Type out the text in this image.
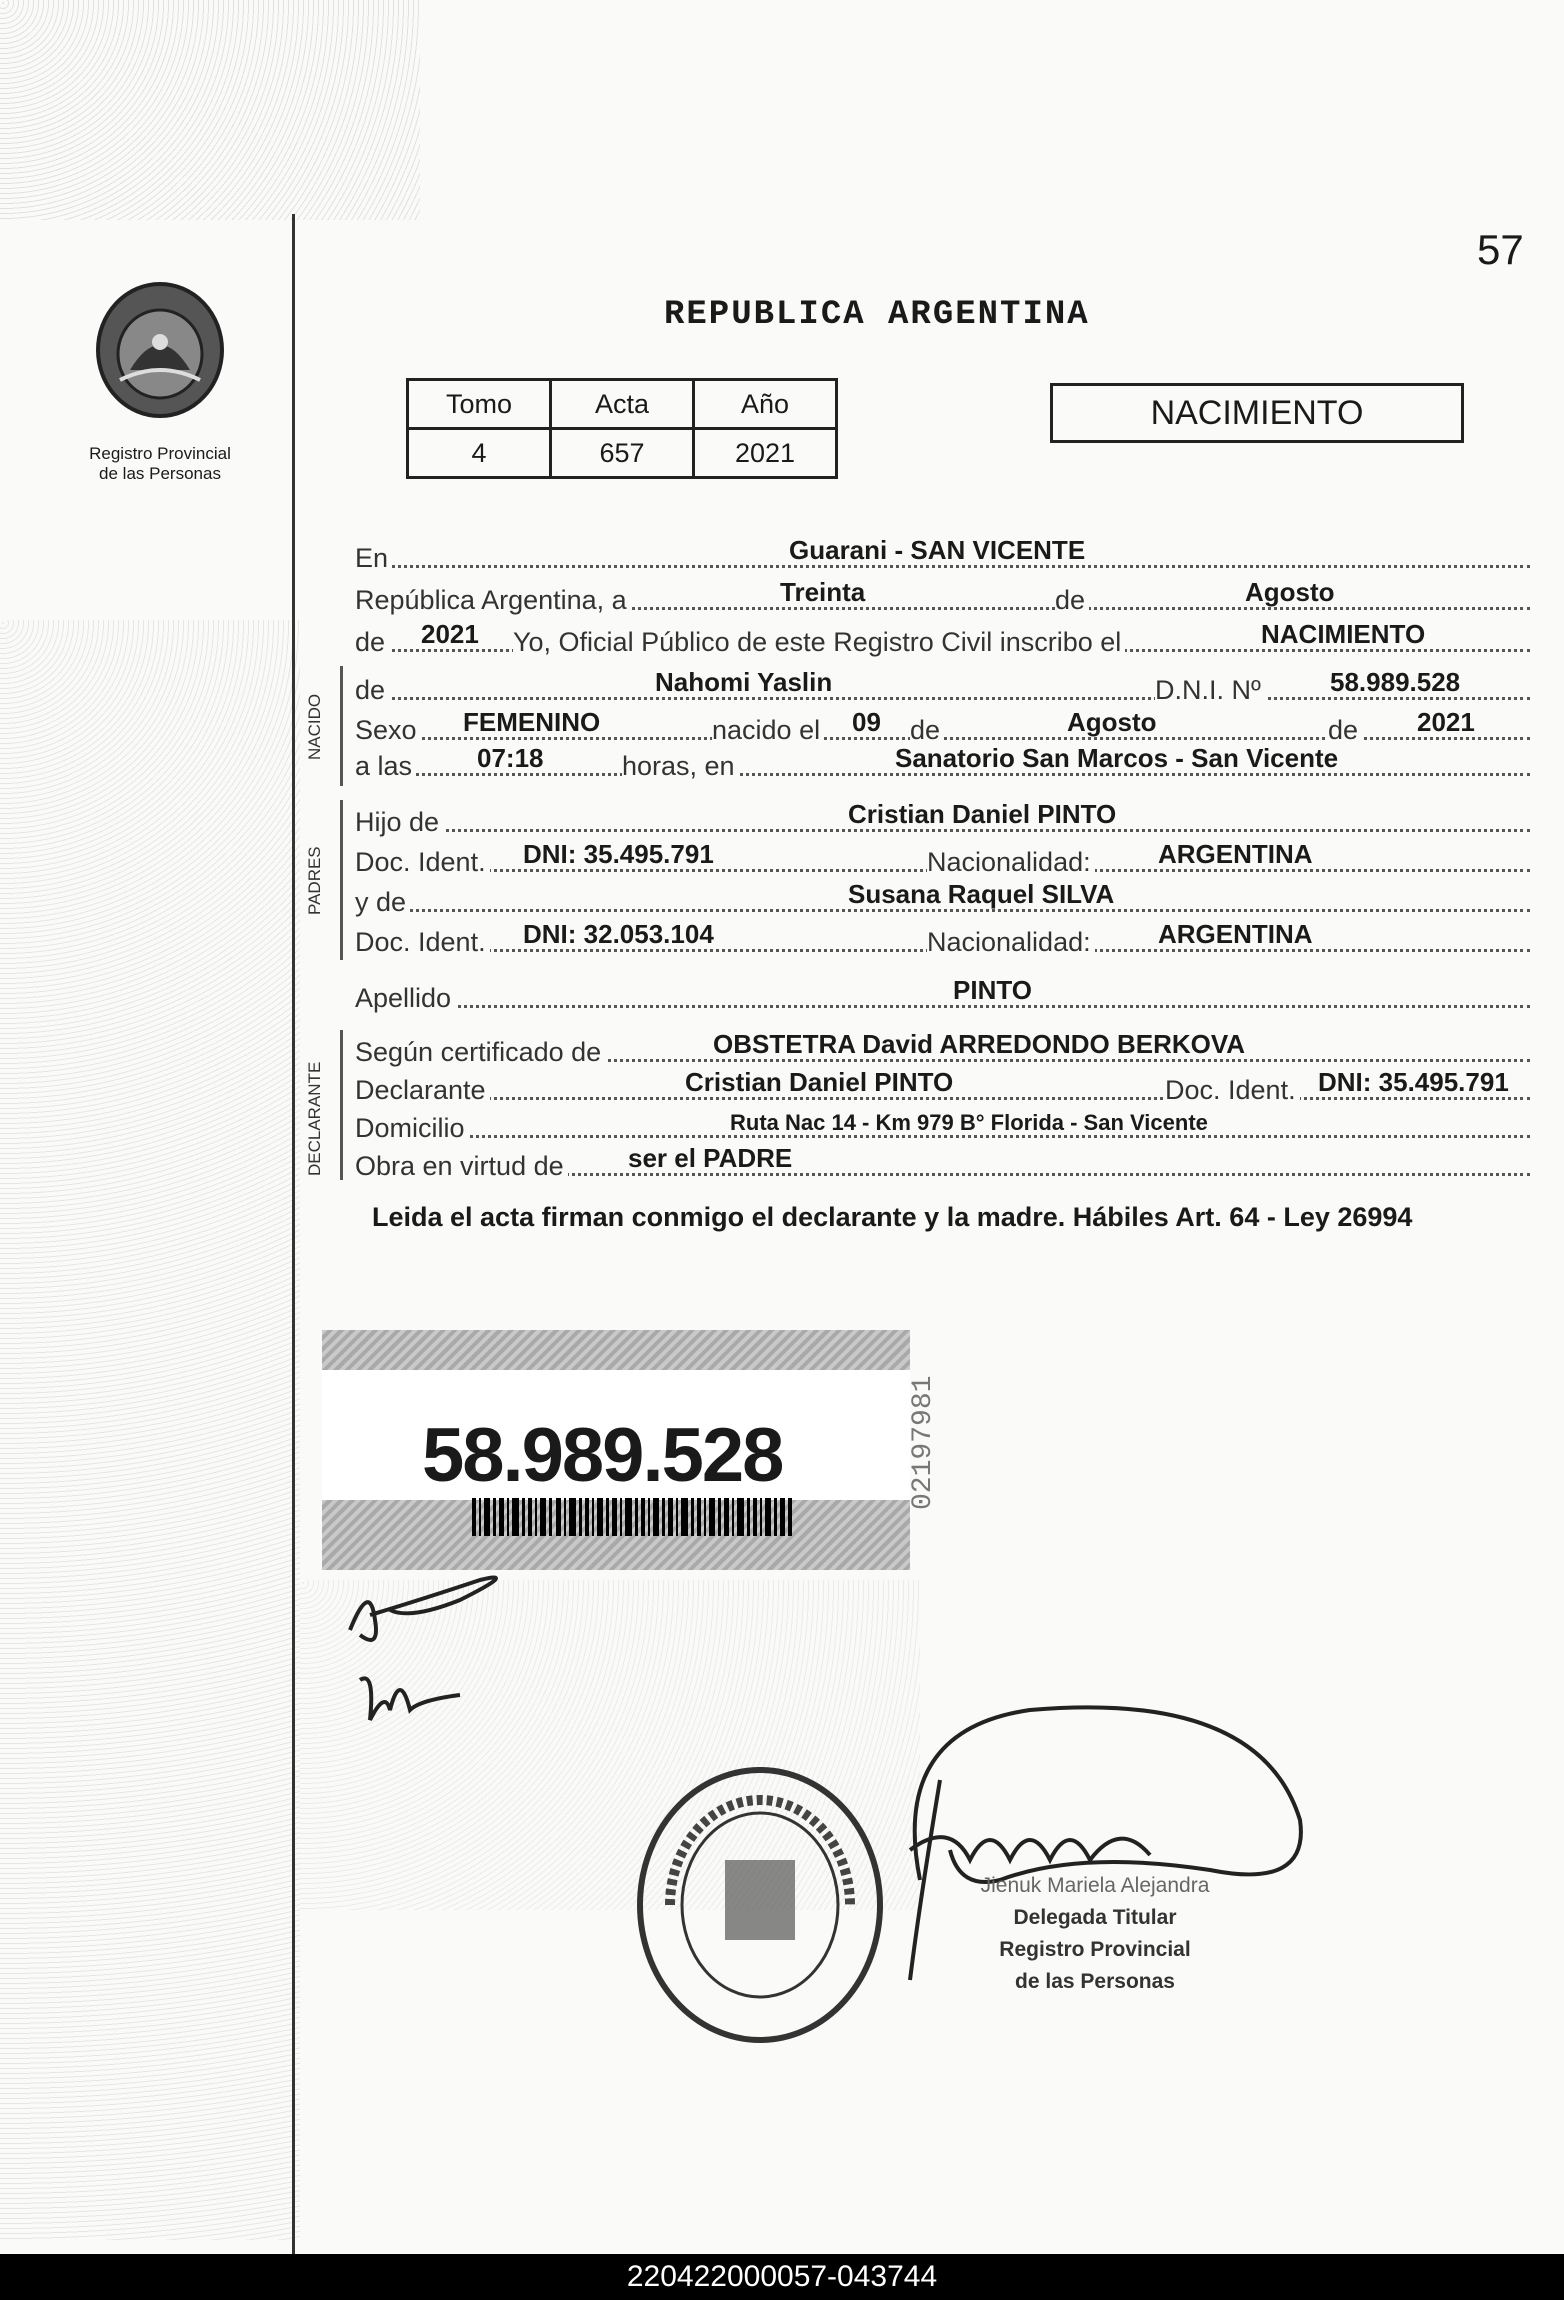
57
Registro Provincial
de las Personas
REPUBLICA ARGENTINA
Tomo	Acta	Año
4	657	2021
NACIMIENTO
En	Guarani - SAN VICENTE
República Argentina, a	Treinta	de	Agosto
de 2021 Yo, Oficial Público de este Registro Civil inscribo el	NACIMIENTO
NACIDO
de	Nahomi Yaslin	D.N.I. Nº	58.989.528
Sexo FEMENINO	nacido el 09 de	Agosto	de 2021
a las 07:18	horas, en	Sanatorio San Marcos - San Vicente
PADRES
Hijo de	Cristian Daniel PINTO
Doc. Ident. DNI: 35.495.791	Nacionalidad:	ARGENTINA
y de	Susana Raquel SILVA
Doc. Ident. DNI: 32.053.104	Nacionalidad:	ARGENTINA
Apellido	PINTO
DECLARANTE
Según certificado de	OBSTETRA David ARREDONDO BERKOVA
Declarante	Cristian Daniel PINTO	Doc. Ident. DNI: 35.495.791
Domicilio	Ruta Nac 14 - Km 979 B° Florida - San Vicente
Obra en virtud de ser el PADRE
Leida el acta firman conmigo el declarante y la madre. Hábiles Art. 64 - Ley 26994
58.989.528	02197981
Jienuk Mariela Alejandra
Delegada Titular
Registro Provincial
de las Personas
220422000057-043744
